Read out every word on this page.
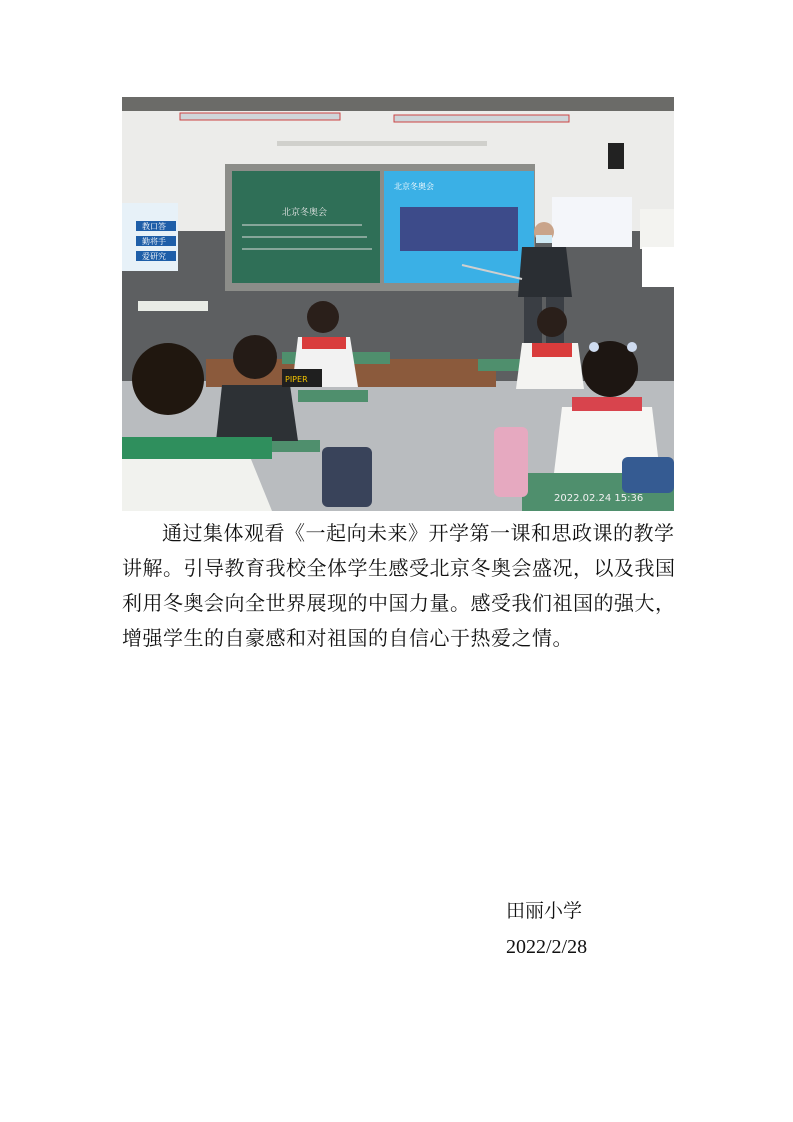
教口答
勤将手
爱研究
北京冬奥会
北京冬奥会
PIPER
2022.02.24 15:36

通过集体观看《一起向未来》开学第一课和思政课的教学讲解。引导教育我校全体学生感受北京冬奥会盛况，以及我国利用冬奥会向全世界展现的中国力量。感受我们祖国的强大，增强学生的自豪感和对祖国的自信心于热爱之情。

田丽小学
2022/2/28
